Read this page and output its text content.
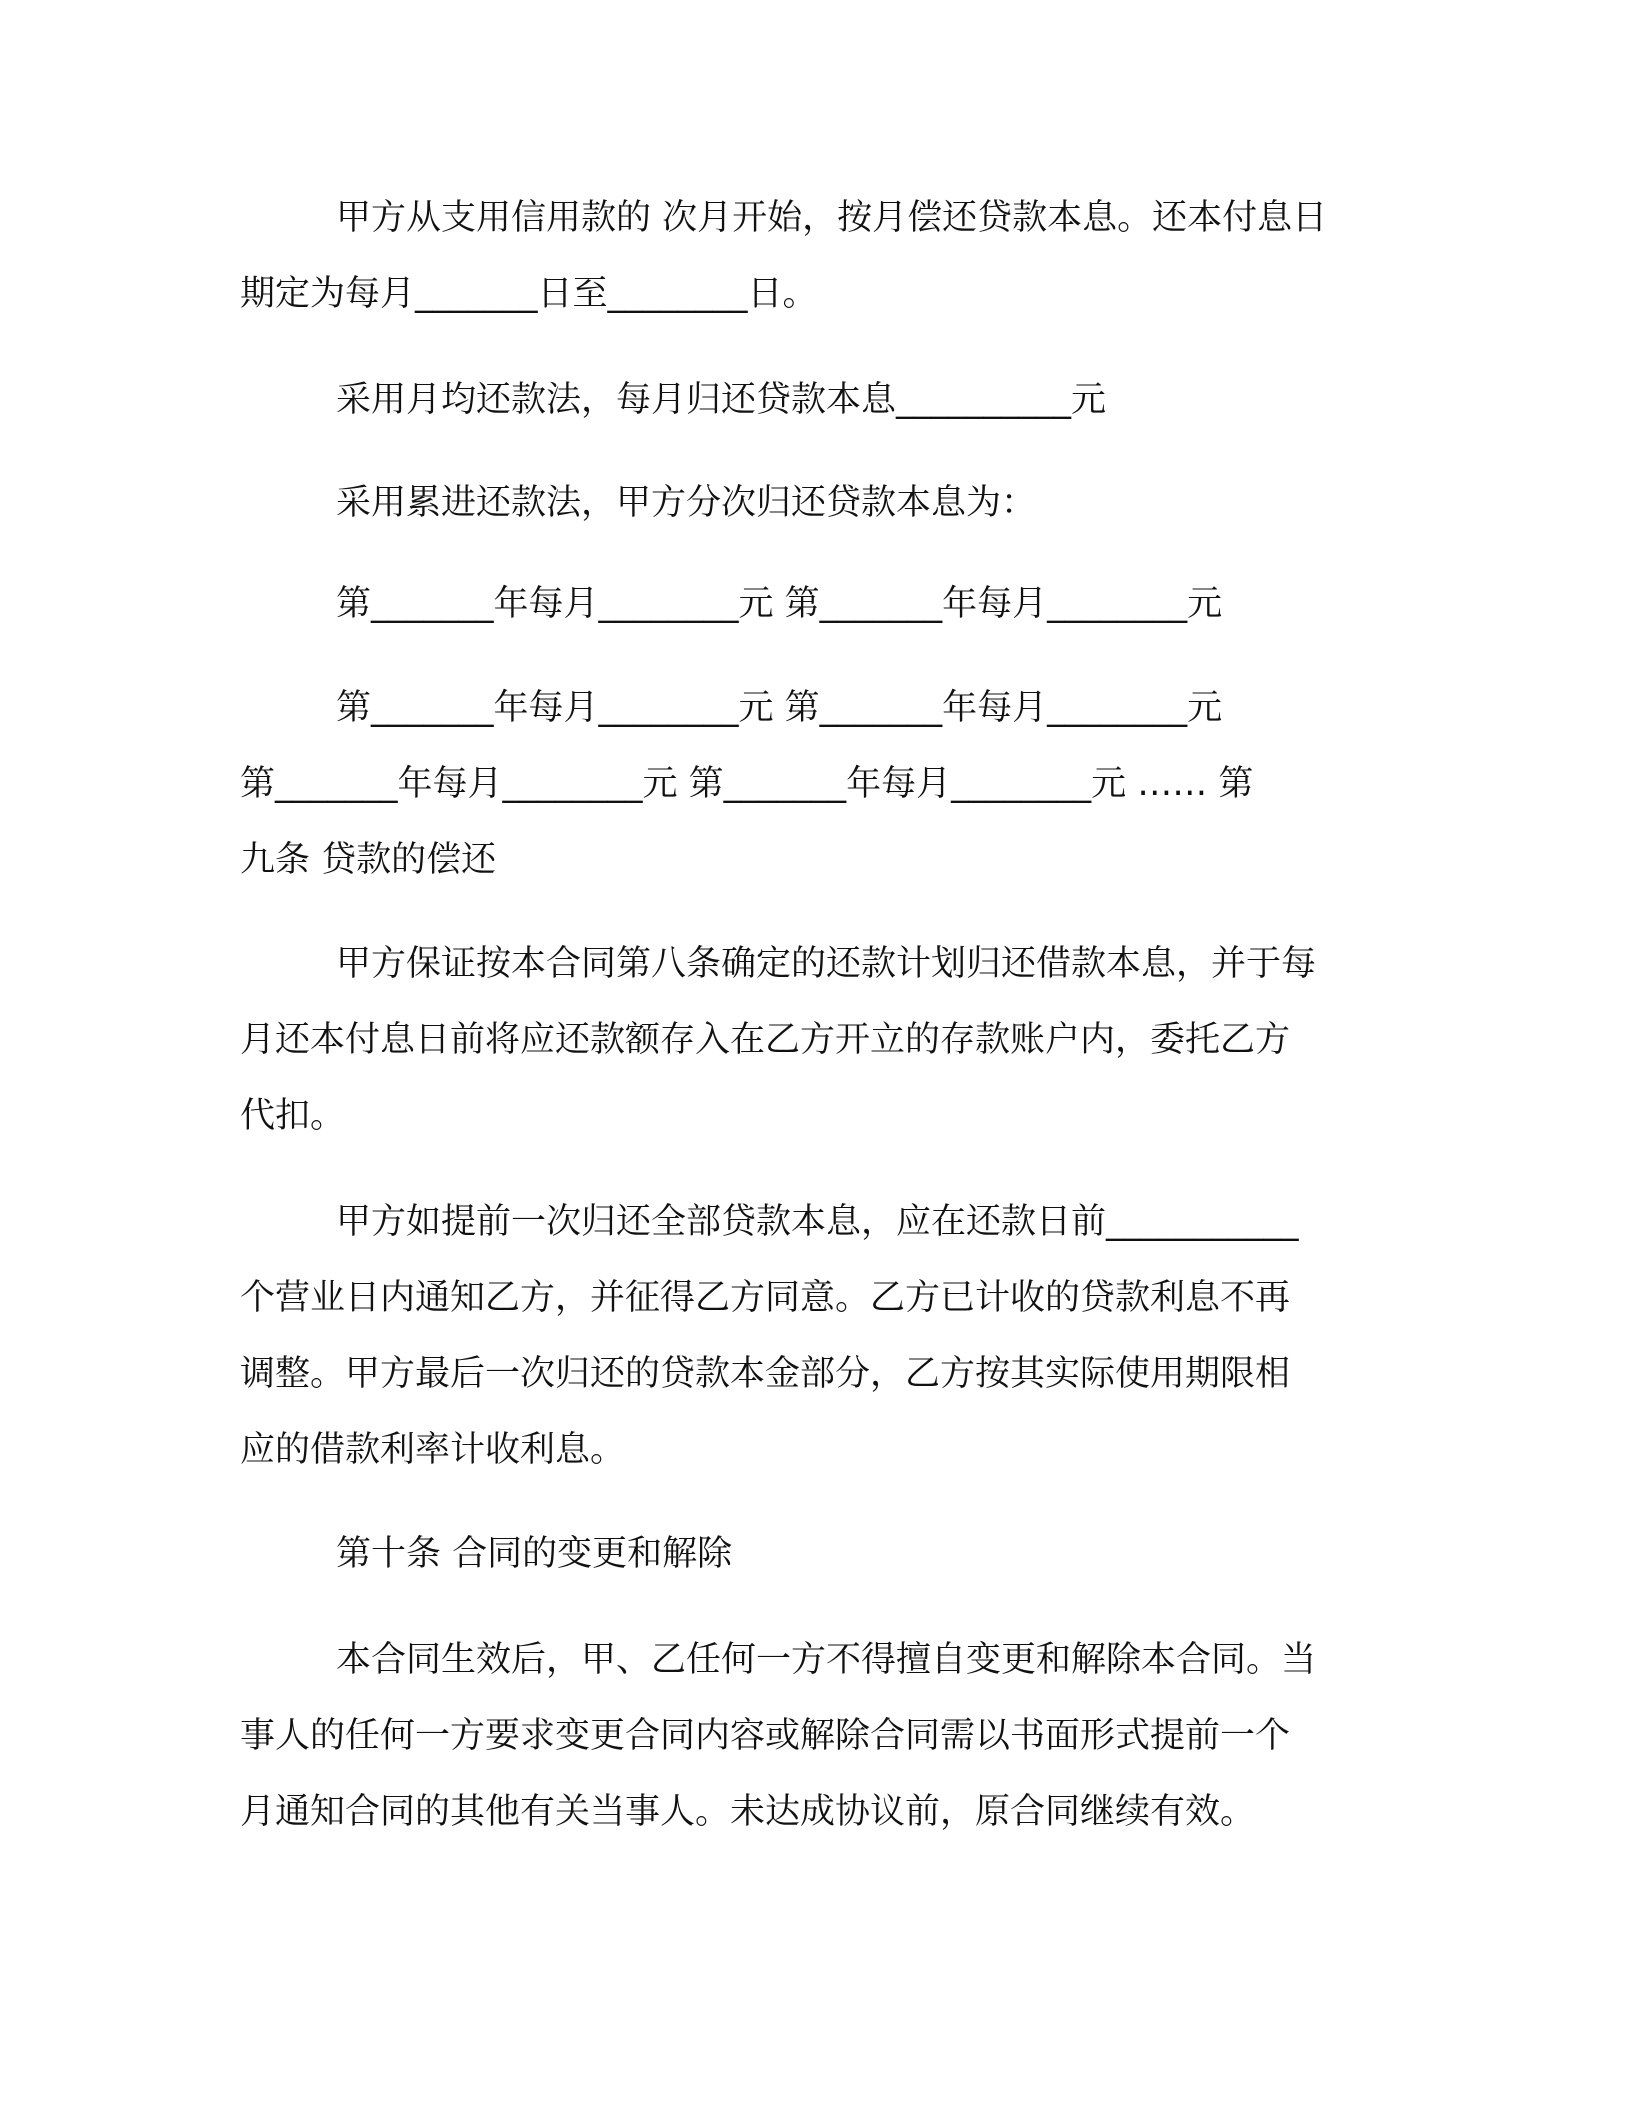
甲方从支用信用款的 次月开始，按月偿还贷款本息。还本付息日

期定为每月_______日至________日。

采用月均还款法，每月归还贷款本息__________元

采用累进还款法，甲方分次归还贷款本息为：

第_______年每月________元 第_______年每月________元

第_______年每月________元 第_______年每月________元

第_______年每月________元 第_______年每月________元 …… 第

九条 贷款的偿还

甲方保证按本合同第八条确定的还款计划归还借款本息，并于每

月还本付息日前将应还款额存入在乙方开立的存款账户内，委托乙方

代扣。

甲方如提前一次归还全部贷款本息，应在还款日前___________

个营业日内通知乙方，并征得乙方同意。乙方已计收的贷款利息不再

调整。甲方最后一次归还的贷款本金部分，乙方按其实际使用期限相

应的借款利率计收利息。

第十条 合同的变更和解除

本合同生效后，甲、乙任何一方不得擅自变更和解除本合同。当

事人的任何一方要求变更合同内容或解除合同需以书面形式提前一个

月通知合同的其他有关当事人。未达成协议前，原合同继续有效。
